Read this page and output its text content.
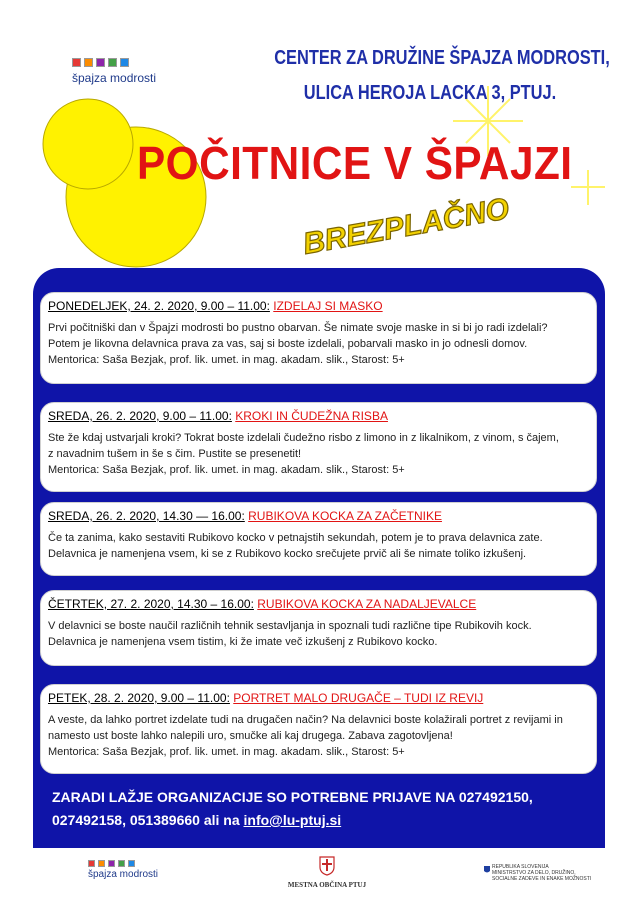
špajza modrosti
CENTER ZA DRUŽINE ŠPAJZA MODROSTI,
ULICA HEROJA LACKA 3, PTUJ.
POČITNICE V ŠPAJZI
BREZPLAČNO
PONEDELJEK, 24. 2. 2020, 9.00 – 11.00: IZDELAJ SI MASKO
Prvi počitniški dan v Špajzi modrosti bo pustno obarvan. Še nimate svoje maske in si bi jo radi izdelali?
Potem je likovna delavnica prava za vas, saj si boste izdelali, pobarvali masko in jo odnesli domov.
Mentorica: Saša Bezjak, prof. lik. umet. in mag. akadam. slik., Starost: 5+
SREDA, 26. 2. 2020, 9.00 – 11.00: KROKI IN ČUDEŽNA RISBA
Ste že kdaj ustvarjali kroki? Tokrat boste izdelali čudežno risbo z limono in z likalnikom, z vinom, s čajem,
z navadnim tušem in še s čim. Pustite se presenetit!
Mentorica: Saša Bezjak, prof. lik. umet. in mag. akadam. slik., Starost: 5+
SREDA, 26. 2. 2020, 14.30 — 16.00: RUBIKOVA KOCKA ZA ZAČETNIKE
Če ta zanima, kako sestaviti Rubikovo kocko v petnajstih sekundah, potem je to prava delavnica zate.
Delavnica je namenjena vsem, ki se z Rubikovo kocko srečujete prvič ali še nimate toliko izkušenj.
ČETRTEK, 27. 2. 2020, 14.30 – 16.00: RUBIKOVA KOCKA ZA NADALJEVALCE
V delavnici se boste naučil različnih tehnik sestavljanja in spoznali tudi različne tipe Rubikovih kock.
Delavnica je namenjena vsem tistim, ki že imate več izkušenj z Rubikovo kocko.
PETEK, 28. 2. 2020, 9.00 – 11.00: PORTRET MALO DRUGAČE – TUDI IZ REVIJ
A veste, da lahko portret izdelate tudi na drugačen način? Na delavnici boste kolažirali portret z revijami in
namesto ust boste lahko nalepili uro, smučke ali kaj drugega. Zabava zagotovljena!
Mentorica: Saša Bezjak, prof. lik. umet. in mag. akadam. slik., Starost: 5+
ZARADI LAŽJE ORGANIZACIJE SO POTREBNE PRIJAVE NA 027492150,
027492158, 051389660 ali na info@lu-ptuj.si
špajza modrosti
MESTNA OBČINA PTUJ
REPUBLIKA SLOVENIJA
MINISTRSTVO ZA DELO, DRUŽINO,
SOCIALNE ZADEVE IN ENAKE MOŽNOSTI
